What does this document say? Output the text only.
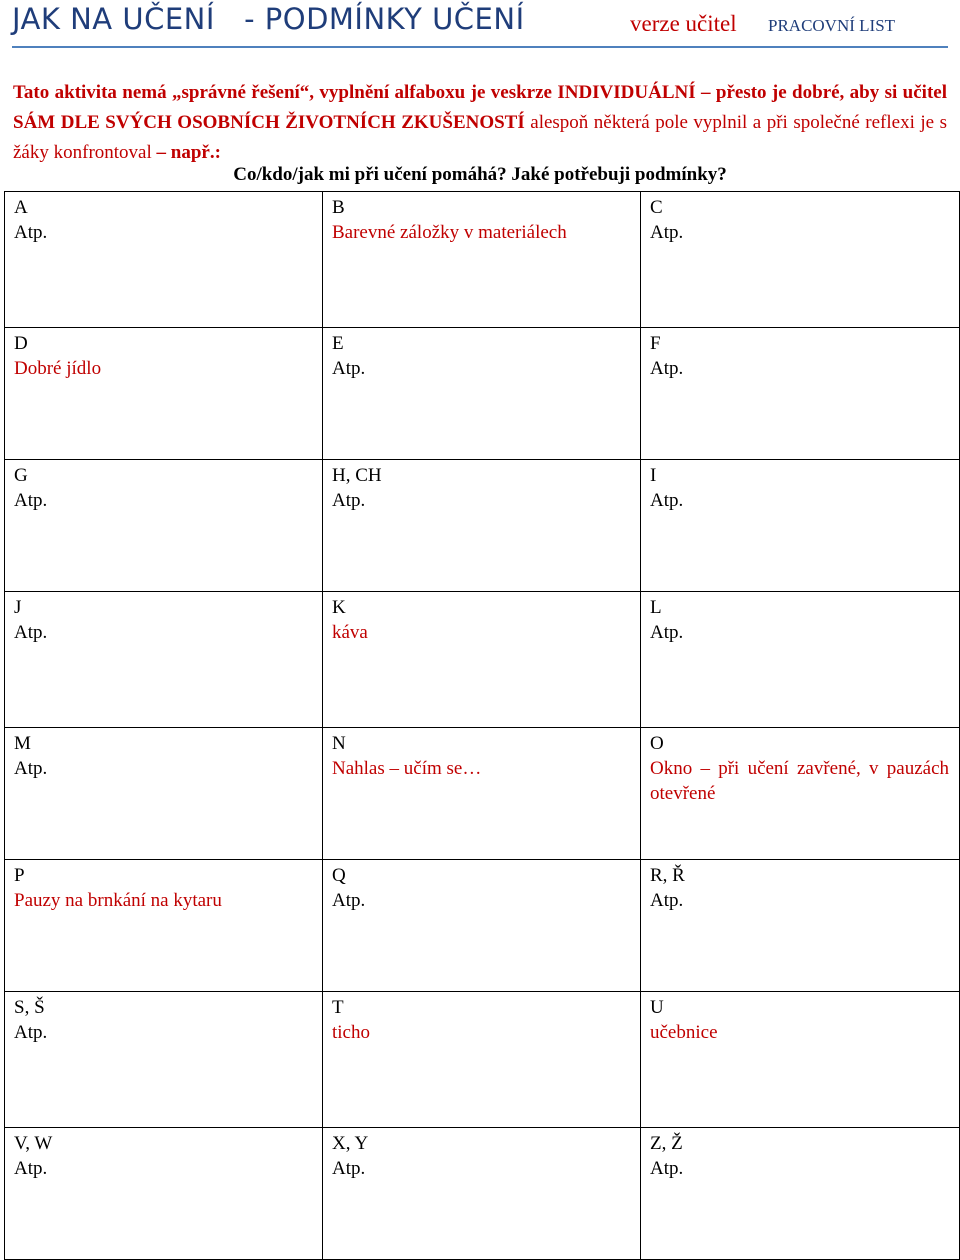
JAK NA UČENÍ   - PODMÍNKY UČENÍ	verze učitel PRACOVNÍ LIST
Tato aktivita nemá „správné řešení“, vyplnění alfaboxu je veskrze INDIVIDUÁLNÍ – přesto je dobré, aby si učitel SÁM DLE SVÝCH OSOBNÍCH ŽIVOTNÍCH ZKUŠENOSTÍ alespoň některá pole vyplnil a při společné reflexi je s žáky konfrontoval – např.:
Co/kdo/jak mi při učení pomáhá? Jaké potřebuji podmínky?
A
Atp.	B
Barevné záložky v materiálech	C
Atp.

D
Dobré jídlo	E
Atp.	F
Atp.

G
Atp.	H, CH
Atp.	I
Atp.

J
Atp.	K
káva	L
Atp.

M
Atp.	N
Nahlas – učím se…	O
Okno – při učení zavřené, v pauzách otevřené

P
Pauzy na brnkání na kytaru	Q
Atp.	R, Ř
Atp.

S, Š
Atp.	T
ticho	U
učebnice

V, W
Atp.	X, Y
Atp.	Z, Ž
Atp.
